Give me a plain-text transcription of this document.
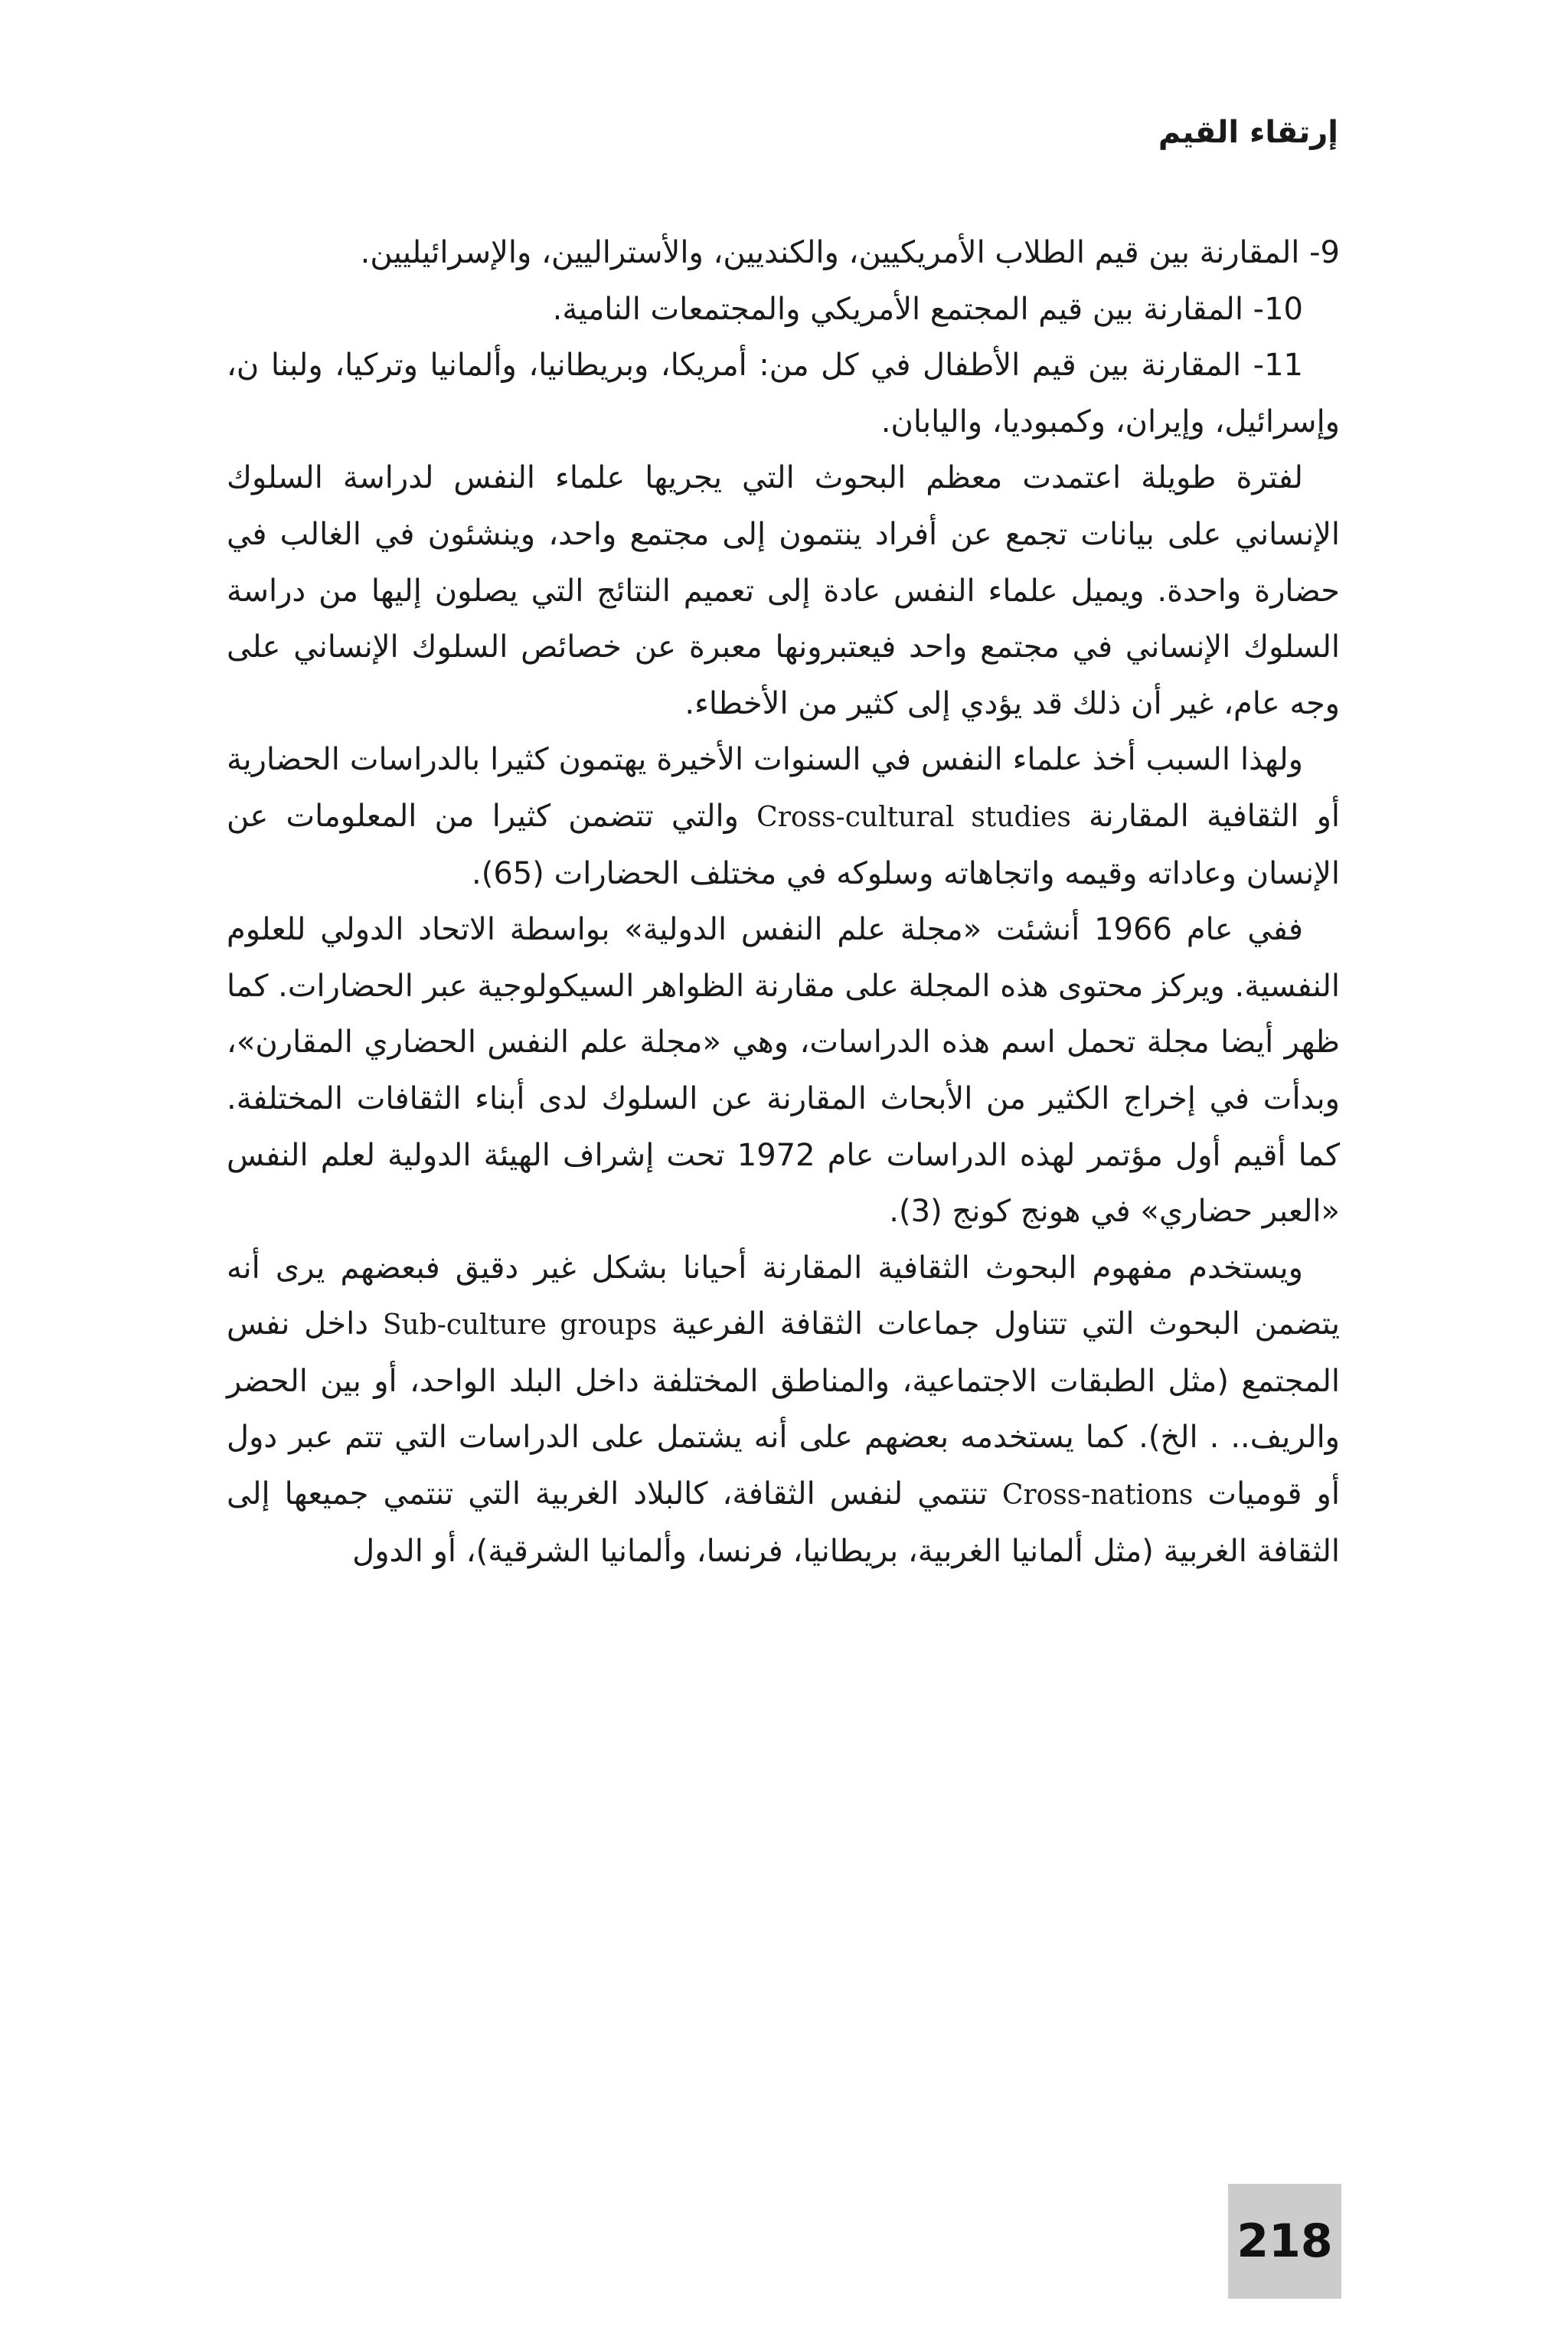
إرتقاء القيم

9- المقارنة بين قيم الطلاب الأمريكيين، والكنديين، والأستراليين، والإسرائيليين.

10- المقارنة بين قيم المجتمع الأمريكي والمجتمعات النامية.

11- المقارنة بين قيم الأطفال في كل من: أمريكا، وبريطانيا، وألمانيا وتركيا، ولبنا ن، وإسرائيل، وإيران، وكمبوديا، واليابان.

لفترة طويلة اعتمدت معظم البحوث التي يجريها علماء النفس لدراسة السلوك الإنساني على بيانات تجمع عن أفراد ينتمون إلى مجتمع واحد، وينشئون في الغالب في حضارة واحدة. ويميل علماء النفس عادة إلى تعميم النتائج التي يصلون إليها من دراسة السلوك الإنساني في مجتمع واحد فيعتبرونها معبرة عن خصائص السلوك الإنساني على وجه عام، غير أن ذلك قد يؤدي إلى كثير من الأخطاء.

ولهذا السبب أخذ علماء النفس في السنوات الأخيرة يهتمون كثيرا بالدراسات الحضارية أو الثقافية المقارنة Cross-cultural studies والتي تتضمن كثيرا من المعلومات عن الإنسان وعاداته وقيمه واتجاهاته وسلوكه في مختلف الحضارات (65).

ففي عام 1966 أنشئت «مجلة علم النفس الدولية» بواسطة الاتحاد الدولي للعلوم النفسية. ويركز محتوى هذه المجلة على مقارنة الظواهر السيكولوجية عبر الحضارات. كما ظهر أيضا مجلة تحمل اسم هذه الدراسات، وهي «مجلة علم النفس الحضاري المقارن»، وبدأت في إخراج الكثير من الأبحاث المقارنة عن السلوك لدى أبناء الثقافات المختلفة. كما أقيم أول مؤتمر لهذه الدراسات عام 1972 تحت إشراف الهيئة الدولية لعلم النفس «العبر حضاري» في هونج كونج (3).

ويستخدم مفهوم البحوث الثقافية المقارنة أحيانا بشكل غير دقيق فبعضهم يرى أنه يتضمن البحوث التي تتناول جماعات الثقافة الفرعية Sub-culture groups داخل نفس المجتمع (مثل الطبقات الاجتماعية، والمناطق المختلفة داخل البلد الواحد، أو بين الحضر والريف.. . الخ). كما يستخدمه بعضهم على أنه يشتمل على الدراسات التي تتم عبر دول أو قوميات Cross-nations تنتمي لنفس الثقافة، كالبلاد الغربية التي تنتمي جميعها إلى الثقافة الغربية (مثل ألمانيا الغربية، بريطانيا، فرنسا، وألمانيا الشرقية)، أو الدول

218
